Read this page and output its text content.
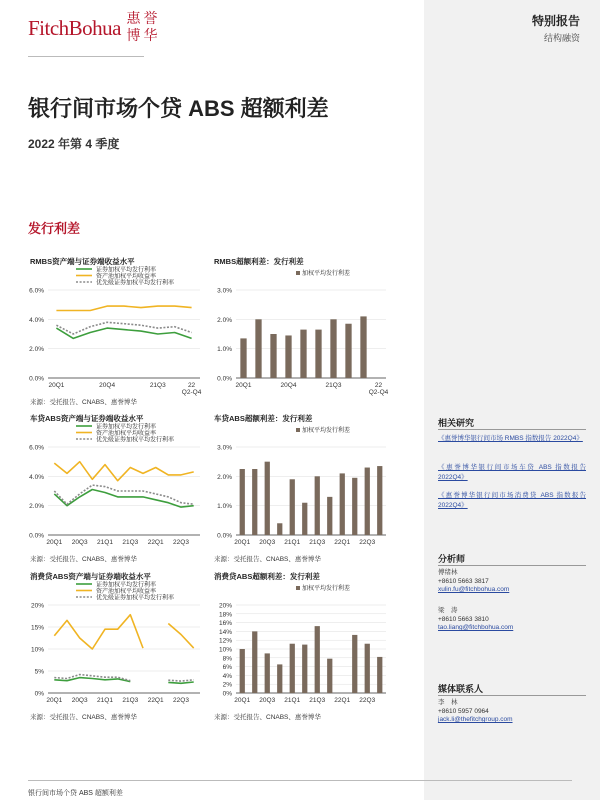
FitchBohua 惠 誉
博 华
特别报告
结构融资
银行间市场个贷 ABS 超额利差
2022 年第 4 季度
发行利差
RMBS资产端与证券端收益水平	RMBS超额利差：发行利差
车贷ABS资产端与证券端收益水平	车贷ABS超额利差：发行利差
消费贷ABS资产端与证券端收益水平	消费贷ABS超额利差：发行利差
0.0%
2.0%
4.0%
6.0%
20Q1	20Q4	21Q3	22
Q2-Q4
证券加权平均发行利率
资产池加权平均收益率
优先级证券加权平均发行利率
0.0%
1.0%
2.0%
3.0%
20Q1	20Q4	21Q3	22
Q2-Q4
加权平均发行利差
0.0%
2.0%
4.0%
6.0%
20Q1 20Q3 21Q1 21Q3 22Q1 22Q3
证券加权平均发行利率
资产池加权平均收益率
优先级证券加权平均发行利率
0.0%
1.0%
2.0%
3.0%
20Q1 20Q3 21Q1 21Q3 22Q1 22Q3
加权平均发行利差
0%
5%
10%
15%
20%
20Q1 20Q3 21Q1 21Q3 22Q1 22Q3
证券加权平均发行利率
资产池加权平均收益率
优先级证券加权平均发行利率
0%
2%
4%
6%
8%
10%
12%
14%
16%
18%
20%
20Q1 20Q3 21Q1 21Q3 22Q1 22Q3
加权平均发行利差
来源：受托报告、CNABS、惠誉博华
来源：受托报告、CNABS、惠誉博华	来源：受托报告、CNABS、惠誉博华
来源：受托报告、CNABS、惠誉博华	来源：受托报告、CNABS、惠誉博华
相关研究
《惠誉博华银行间市场 RMBS 指数报告 2022Q4》
《惠誉博华银行间市场车贷 ABS 指数报告 2022Q4》
《惠誉博华银行间市场消费贷 ABS 指数报告 2022Q4》
分析师
傅绪林
+8610 5663 3817
xulin.fu@fitchbohua.com
梁　涛
+8610 5663 3810
tao.liang@fitchbohua.com
媒体联系人
李　林
+8610 5957 0964
jack.li@thefitchgroup.com
银行间市场个贷 ABS 超额利差
